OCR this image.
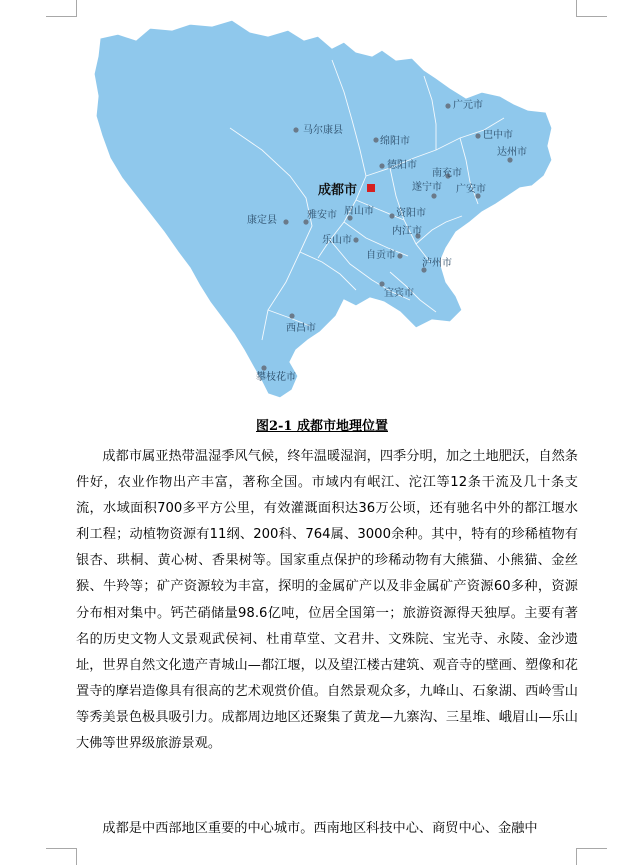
马尔康县
广元市
巴中市
达州市
绵阳市
德阳市
南充市
遂宁市 广安市
雅安市 眉山市 资阳市
康定县
乐山市
内江市
自贡市
泸州市
宜宾市
西昌市
攀枝花市
成都市
图2-1 成都市地理位置

成都市属亚热带温湿季风气候，终年温暖湿润，四季分明，加之土地肥沃，自然条件好，农业作物出产丰富，著称全国。市域内有岷江、沱江等12条干流及几十条支流，水域面积700多平方公里，有效灌溉面积达36万公顷，还有驰名中外的都江堰水利工程；动植物资源有11纲、200科、764属、3000余种。其中，特有的珍稀植物有银杏、珙桐、黄心树、香果树等。国家重点保护的珍稀动物有大熊猫、小熊猫、金丝猴、牛羚等；矿产资源较为丰富，探明的金属矿产以及非金属矿产资源60多种，资源分布相对集中。钙芒硝储量98.6亿吨，位居全国第一；旅游资源得天独厚。主要有著名的历史文物人文景观武侯祠、杜甫草堂、文君井、文殊院、宝光寺、永陵、金沙遗址，世界自然文化遗产青城山—都江堰，以及望江楼古建筑、观音寺的壁画、塑像和花置寺的摩岩造像具有很高的艺术观赏价值。自然景观众多，九峰山、石象湖、西岭雪山等秀美景色极具吸引力。成都周边地区还聚集了黄龙—九寨沟、三星堆、峨眉山—乐山大佛等世界级旅游景观。

成都是中西部地区重要的中心城市。西南地区科技中心、商贸中心、金融中
